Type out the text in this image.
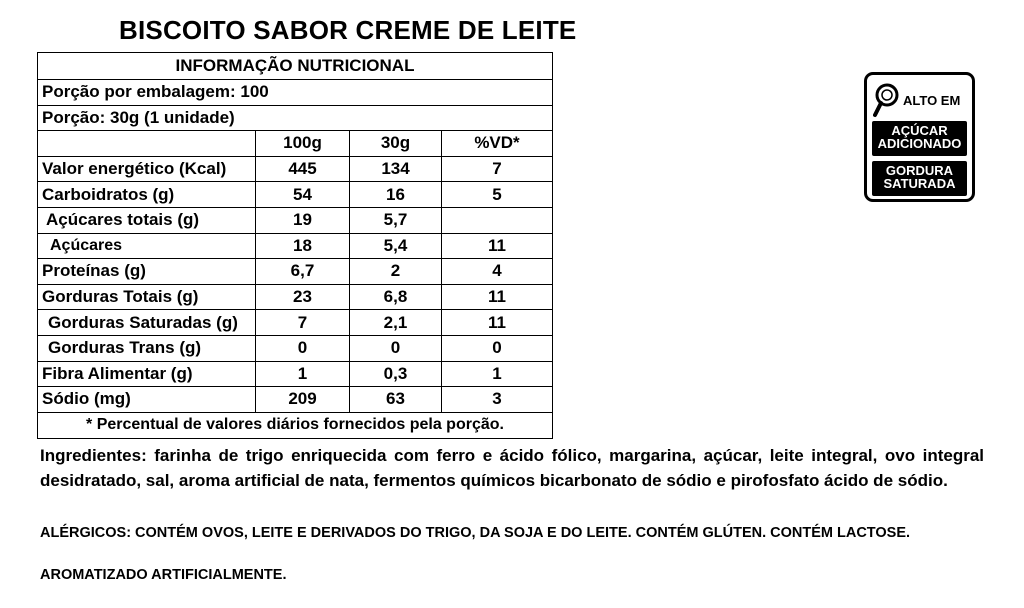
BISCOITO SABOR CREME DE LEITE
INFORMAÇÃO NUTRICIONAL			
Porção por embalagem: 100			
Porção: 30g (1 unidade)			
	100g	30g	%VD*
Valor energético (Kcal)	445	134	7
Carboidratos (g)	54	16	5
Açúcares totais (g)	19	5,7	
Açúcares	18	5,4	11
Proteínas (g)	6,7	2	4
Gorduras Totais (g)	23	6,8	11
Gorduras Saturadas (g)	7	2,1	11
Gorduras Trans (g)	0	0	0
Fibra Alimentar (g)	1	0,3	1
Sódio (mg)	209	63	3
* Percentual de valores diários fornecidos pela porção.			
ALTO EM
AÇÚCAR
ADICIONADO
GORDURA
SATURADA
Ingredientes: farinha de trigo enriquecida com ferro e ácido fólico, margarina, açúcar, leite integral, ovo integral desidratado, sal, aroma artificial de nata, fermentos químicos bicarbonato de sódio e pirofosfato ácido de sódio.
ALÉRGICOS: CONTÉM OVOS, LEITE E DERIVADOS DO TRIGO, DA SOJA E DO LEITE. CONTÉM GLÚTEN. CONTÉM LACTOSE.
AROMATIZADO ARTIFICIALMENTE.
